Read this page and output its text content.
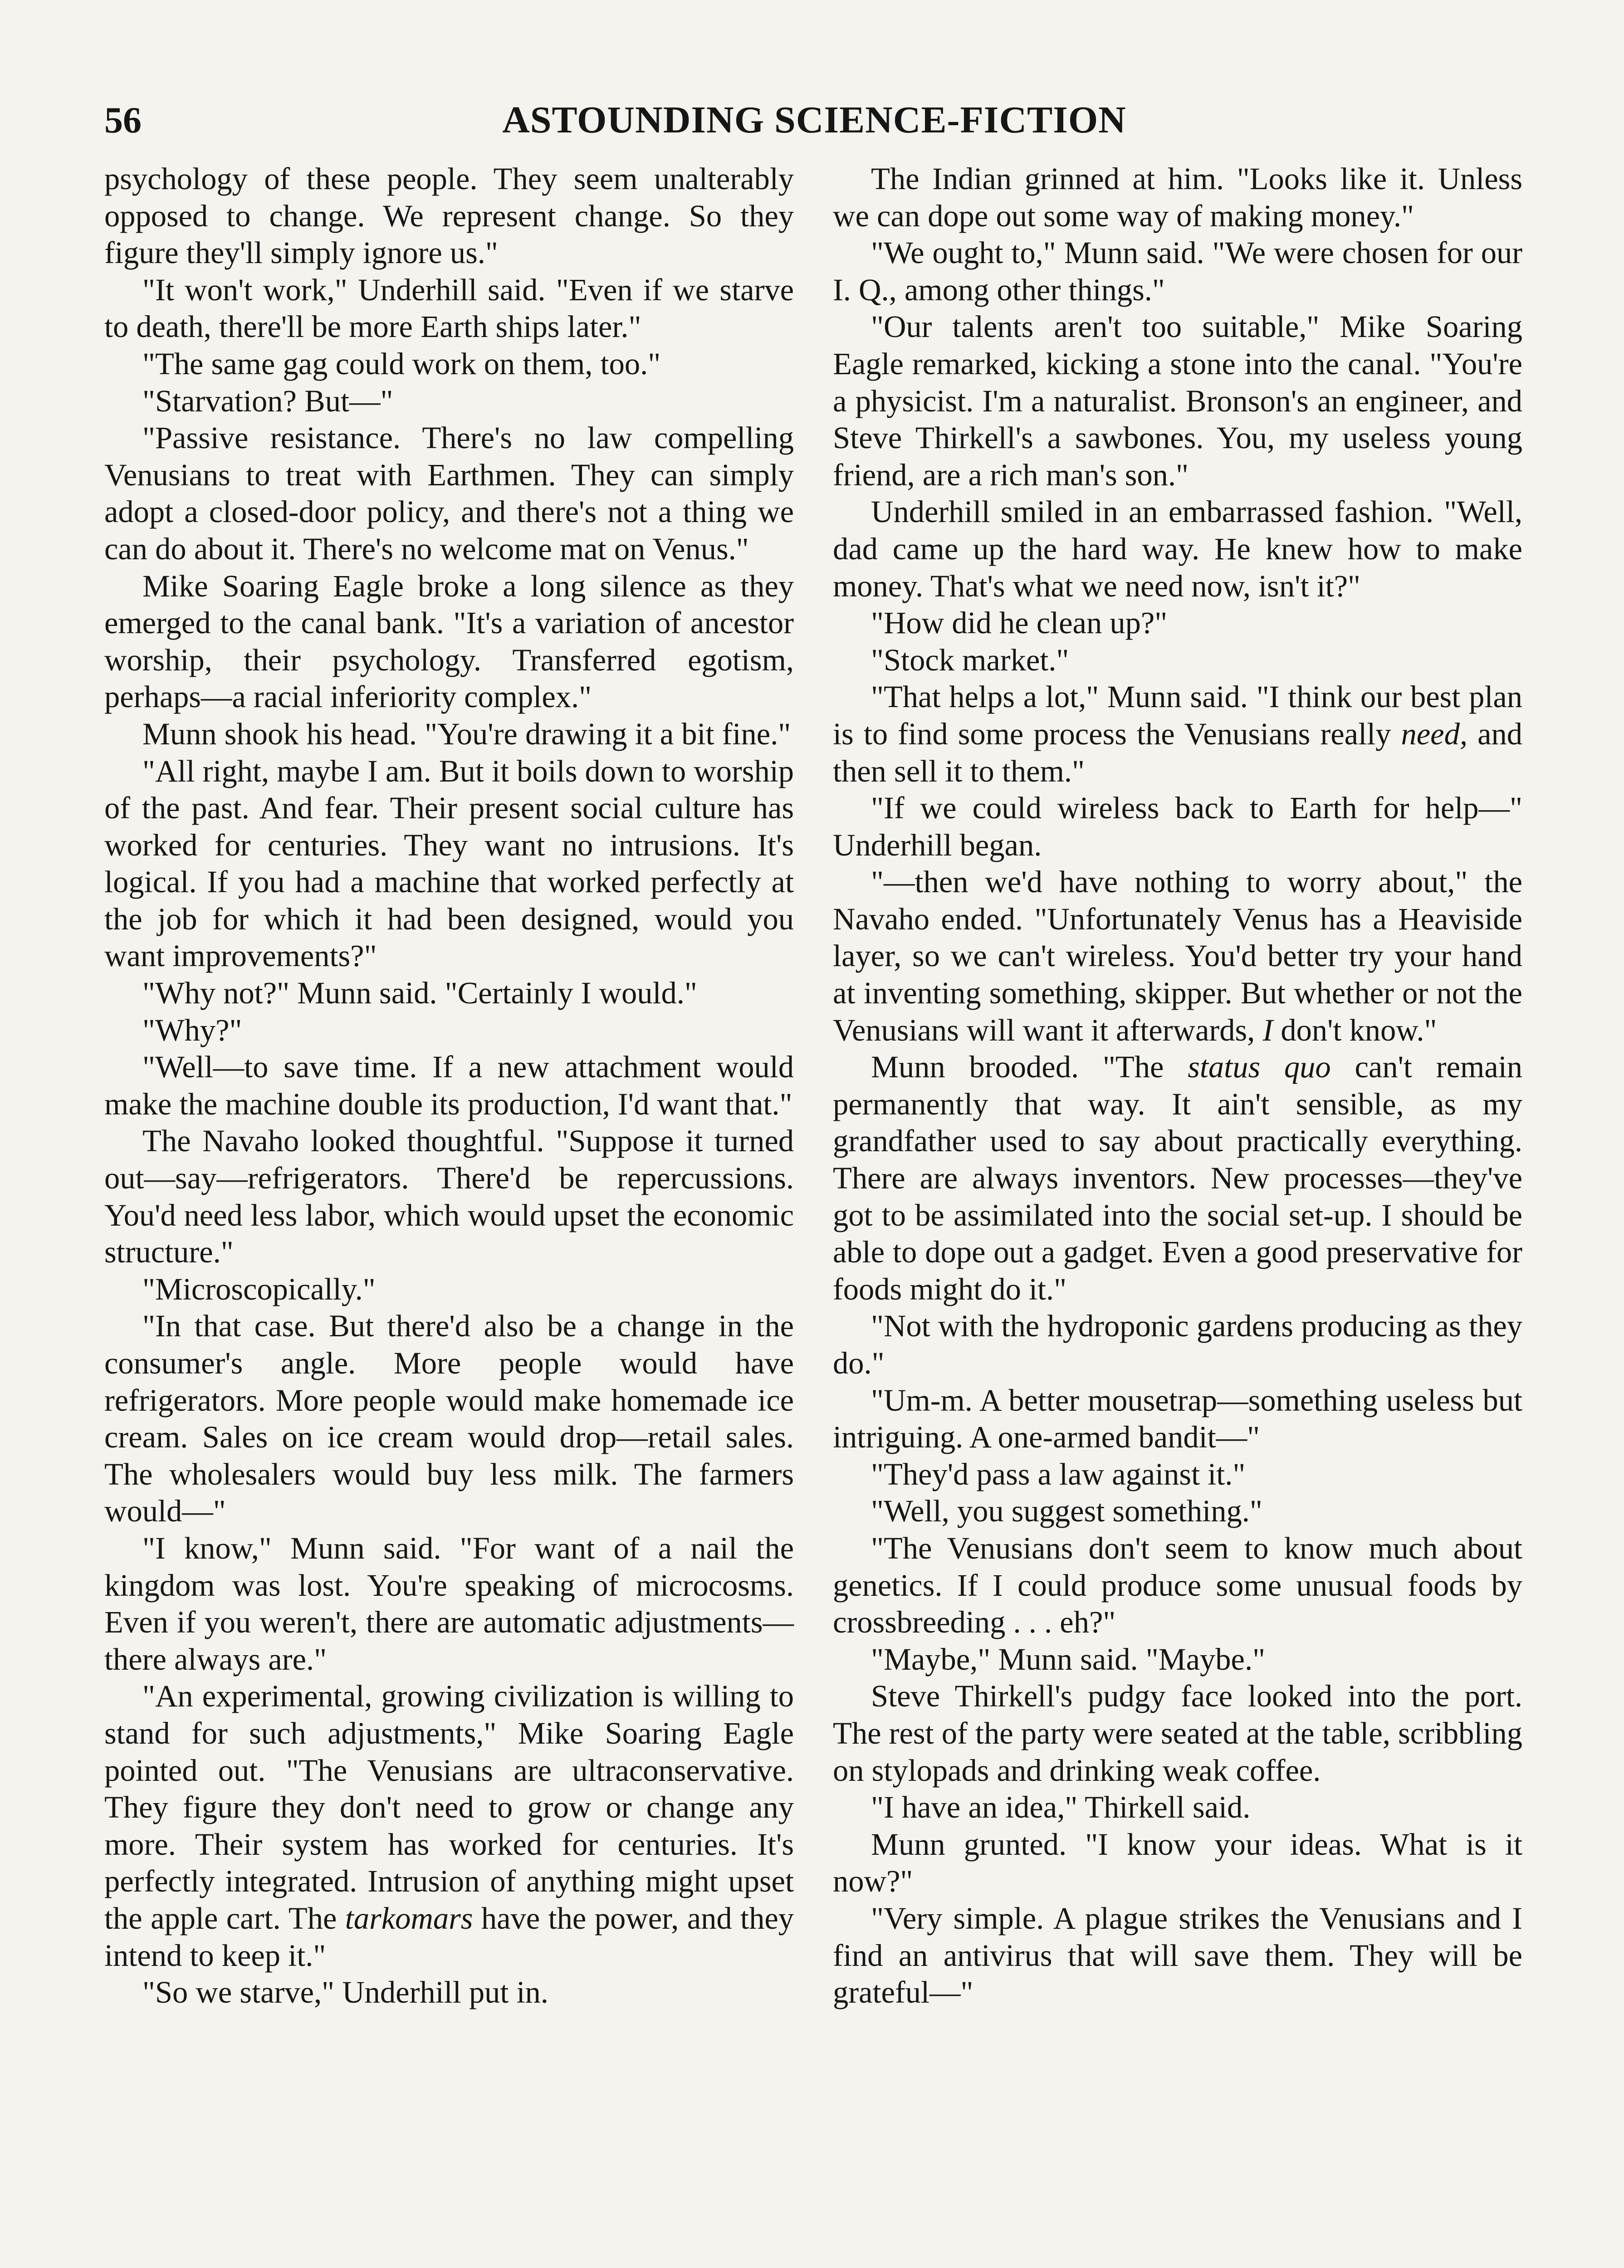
56	ASTOUNDING SCIENCE-FICTION

psychology of these people. They seem unalterably opposed to change. We represent change. So they figure they'll simply ignore us."

"It won't work," Underhill said. "Even if we starve to death, there'll be more Earth ships later."

"The same gag could work on them, too."

"Starvation? But—"

"Passive resistance. There's no law compelling Venusians to treat with Earthmen. They can simply adopt a closed-door policy, and there's not a thing we can do about it. There's no welcome mat on Venus."

Mike Soaring Eagle broke a long silence as they emerged to the canal bank. "It's a variation of ancestor worship, their psychology. Transferred egotism, perhaps—a racial inferiority complex."

Munn shook his head. "You're drawing it a bit fine."

"All right, maybe I am. But it boils down to worship of the past. And fear. Their present social culture has worked for centuries. They want no intrusions. It's logical. If you had a machine that worked perfectly at the job for which it had been designed, would you want improvements?"

"Why not?" Munn said. "Certainly I would."

"Why?"

"Well—to save time. If a new attachment would make the machine double its production, I'd want that."

The Navaho looked thoughtful. "Suppose it turned out—say—refrigerators. There'd be repercussions. You'd need less labor, which would upset the economic structure."

"Microscopically."

"In that case. But there'd also be a change in the consumer's angle. More people would have refrigerators. More people would make homemade ice cream. Sales on ice cream would drop—retail sales. The wholesalers would buy less milk. The farmers would—"

"I know," Munn said. "For want of a nail the kingdom was lost. You're speaking of microcosms. Even if you weren't, there are automatic adjustments—there always are."

"An experimental, growing civilization is willing to stand for such adjustments," Mike Soaring Eagle pointed out. "The Venusians are ultraconservative. They figure they don't need to grow or change any more. Their system has worked for centuries. It's perfectly integrated. Intrusion of anything might upset the apple cart. The tarkomars have the power, and they intend to keep it."

"So we starve," Underhill put in.

The Indian grinned at him. "Looks like it. Unless we can dope out some way of making money."

"We ought to," Munn said. "We were chosen for our I. Q., among other things."

"Our talents aren't too suitable," Mike Soaring Eagle remarked, kicking a stone into the canal. "You're a physicist. I'm a naturalist. Bronson's an engineer, and Steve Thirkell's a sawbones. You, my useless young friend, are a rich man's son."

Underhill smiled in an embarrassed fashion. "Well, dad came up the hard way. He knew how to make money. That's what we need now, isn't it?"

"How did he clean up?"

"Stock market."

"That helps a lot," Munn said. "I think our best plan is to find some process the Venusians really need, and then sell it to them."

"If we could wireless back to Earth for help—" Underhill began.

"—then we'd have nothing to worry about," the Navaho ended. "Unfortunately Venus has a Heaviside layer, so we can't wireless. You'd better try your hand at inventing something, skipper. But whether or not the Venusians will want it afterwards, I don't know."

Munn brooded. "The status quo can't remain permanently that way. It ain't sensible, as my grandfather used to say about practically everything. There are always inventors. New processes—they've got to be assimilated into the social set-up. I should be able to dope out a gadget. Even a good preservative for foods might do it."

"Not with the hydroponic gardens producing as they do."

"Um-m. A better mousetrap—something useless but intriguing. A one-armed bandit—"

"They'd pass a law against it."

"Well, you suggest something."

"The Venusians don't seem to know much about genetics. If I could produce some unusual foods by crossbreeding . . . eh?"

"Maybe," Munn said. "Maybe."

Steve Thirkell's pudgy face looked into the port. The rest of the party were seated at the table, scribbling on stylopads and drinking weak coffee.

"I have an idea," Thirkell said.

Munn grunted. "I know your ideas. What is it now?"

"Very simple. A plague strikes the Venusians and I find an antivirus that will save them. They will be grateful—"
